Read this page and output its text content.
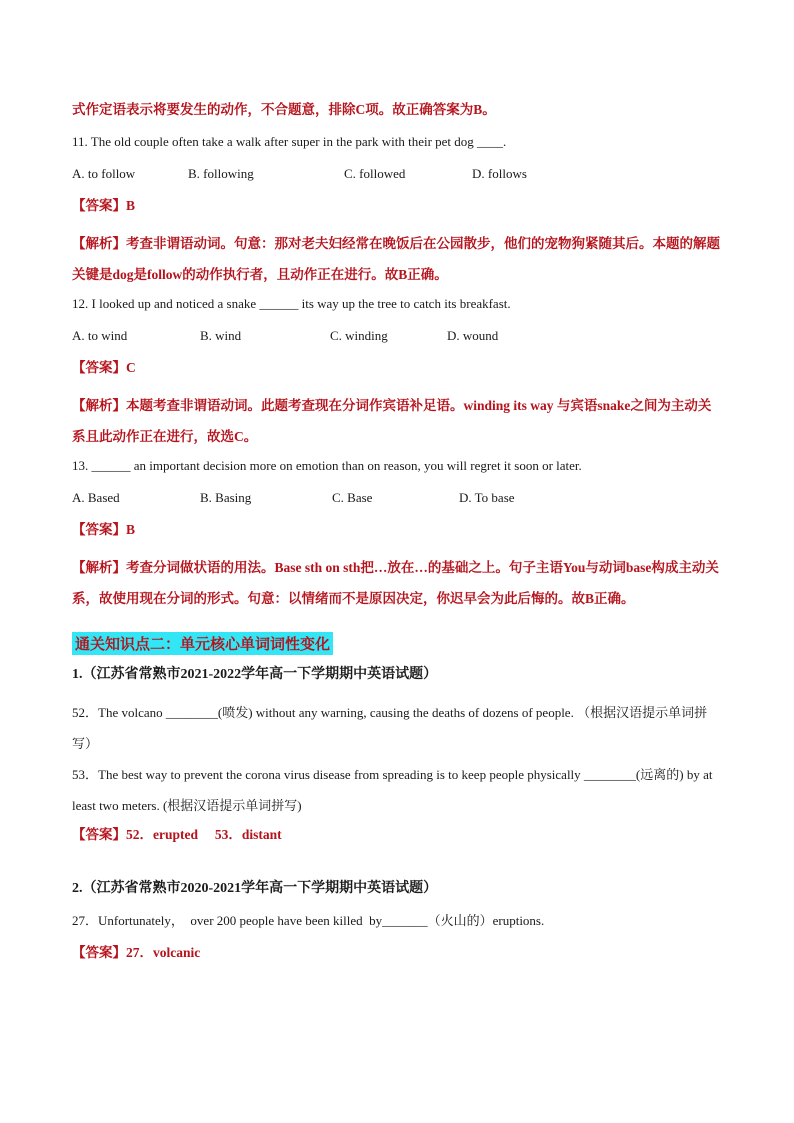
式作定语表示将要发生的动作，不合题意，排除C项。故正确答案为B。

11. The old couple often take a walk after super in the park with their pet dog ____.

A. to follow	B. following	C. followed	D. follows

【答案】B

【解析】考查非谓语动词。句意：那对老夫妇经常在晚饭后在公园散步，他们的宠物狗紧随其后。本题的解题关键是dog是follow的动作执行者，且动作正在进行。故B正确。

12. I looked up and noticed a snake ______ its way up the tree to catch its breakfast.

A. to wind	B. wind	C. winding	D. wound

【答案】C

【解析】本题考查非谓语动词。此题考查现在分词作宾语补足语。winding its way 与宾语snake之间为主动关系且此动作正在进行，故选C。

13. ______ an important decision more on emotion than on reason, you will regret it soon or later.

A. Based	B. Basing	C. Base	D. To base

【答案】B

【解析】考查分词做状语的用法。Base sth on sth把…放在…的基础之上。句子主语You与动词base构成主动关系，故使用现在分词的形式。句意：以情绪而不是原因决定，你迟早会为此后悔的。故B正确。

通关知识点二：单元核心单词词性变化

1.（江苏省常熟市2021-2022学年高一下学期期中英语试题）

52．The volcano ________(喷发) without any warning, causing the deaths of dozens of people. （根据汉语提示单词拼写）

53．The best way to prevent the corona virus disease from spreading is to keep people physically ________(远离的) by at least two meters. (根据汉语提示单词拼写)

【答案】52．erupted     53．distant

2.（江苏省常熟市2020-2021学年高一下学期期中英语试题）

27．Unfortunately，  over 200 people have been killed  by_______（火山的）eruptions.

【答案】27．volcanic
